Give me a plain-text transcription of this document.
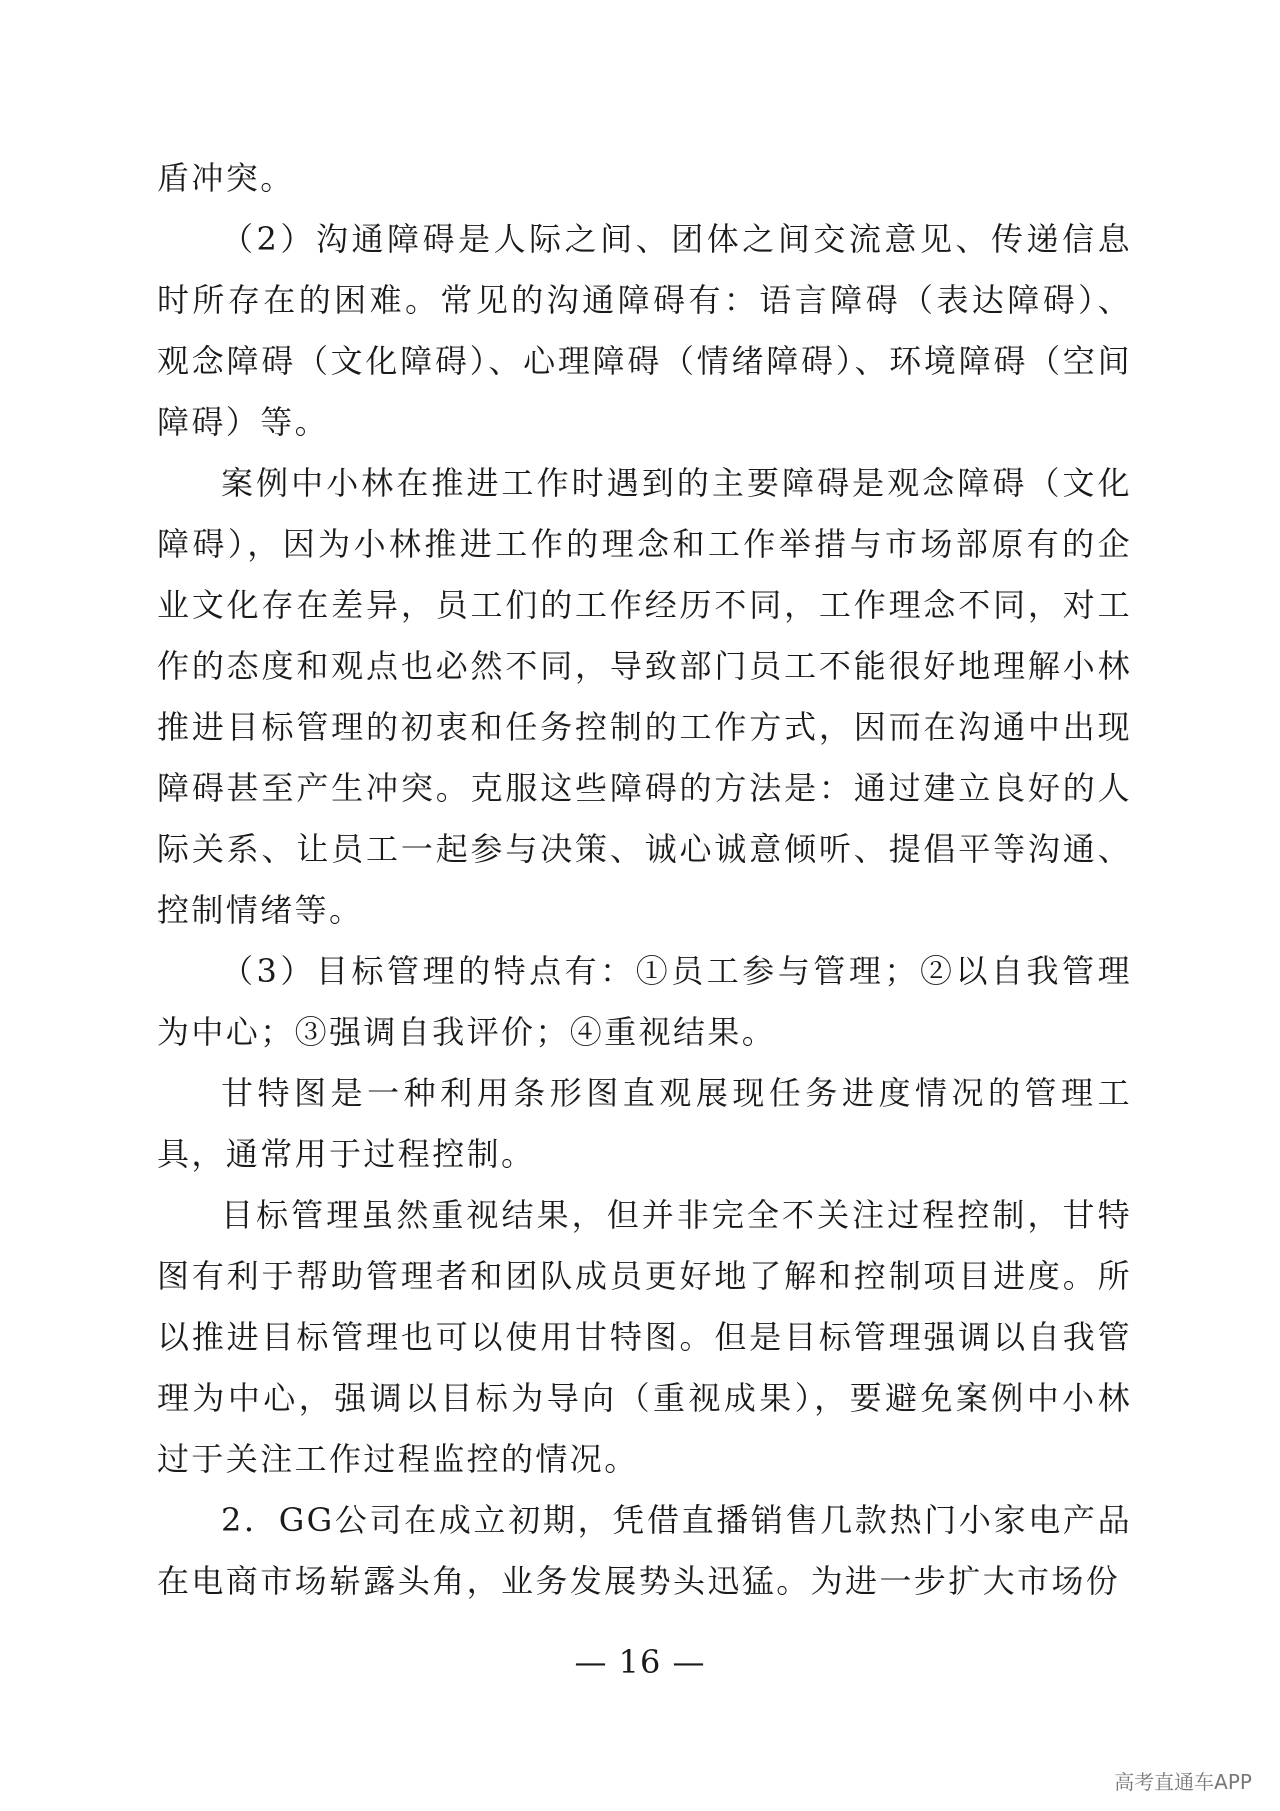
盾冲突。

（2）沟通障碍是人际之间、团体之间交流意见、传递信息时所存在的困难。常见的沟通障碍有：语言障碍（表达障碍）、观念障碍（文化障碍）、心理障碍（情绪障碍）、环境障碍（空间障碍）等。

案例中小林在推进工作时遇到的主要障碍是观念障碍（文化障碍），因为小林推进工作的理念和工作举措与市场部原有的企业文化存在差异，员工们的工作经历不同，工作理念不同，对工作的态度和观点也必然不同，导致部门员工不能很好地理解小林推进目标管理的初衷和任务控制的工作方式，因而在沟通中出现障碍甚至产生冲突。克服这些障碍的方法是：通过建立良好的人际关系、让员工一起参与决策、诚心诚意倾听、提倡平等沟通、控制情绪等。

（3）目标管理的特点有：①员工参与管理；②以自我管理为中心；③强调自我评价；④重视结果。

甘特图是一种利用条形图直观展现任务进度情况的管理工具，通常用于过程控制。

目标管理虽然重视结果，但并非完全不关注过程控制，甘特图有利于帮助管理者和团队成员更好地了解和控制项目进度。所以推进目标管理也可以使用甘特图。但是目标管理强调以自我管理为中心，强调以目标为导向（重视成果），要避免案例中小林过于关注工作过程监控的情况。

2．GG公司在成立初期，凭借直播销售几款热门小家电产品在电商市场崭露头角，业务发展势头迅猛。为进一步扩大市场份

— 16 —
高考直通车APP
